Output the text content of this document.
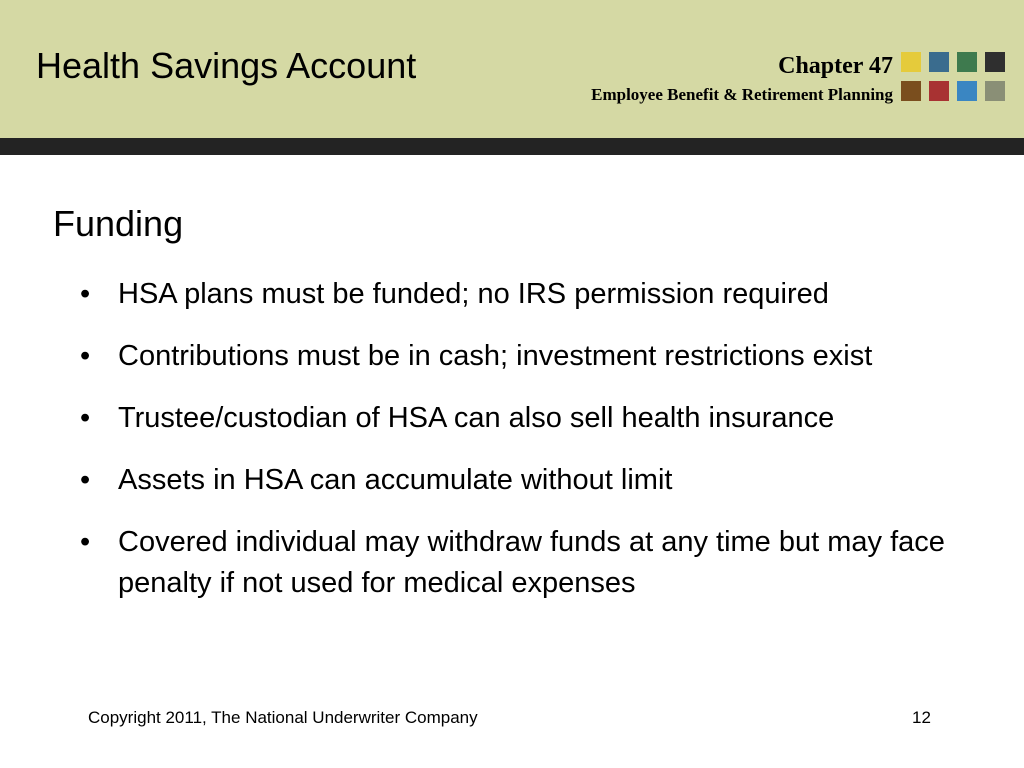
Health Savings Account	Chapter 47
Employee Benefit & Retirement Planning
Funding
• HSA plans must be funded; no IRS permission required
• Contributions must be in cash; investment restrictions exist
• Trustee/custodian of HSA can also sell health insurance
• Assets in HSA can accumulate without limit
• Covered individual may withdraw funds at any time but may face penalty if not used for medical expenses
Copyright 2011, The National Underwriter Company	12
